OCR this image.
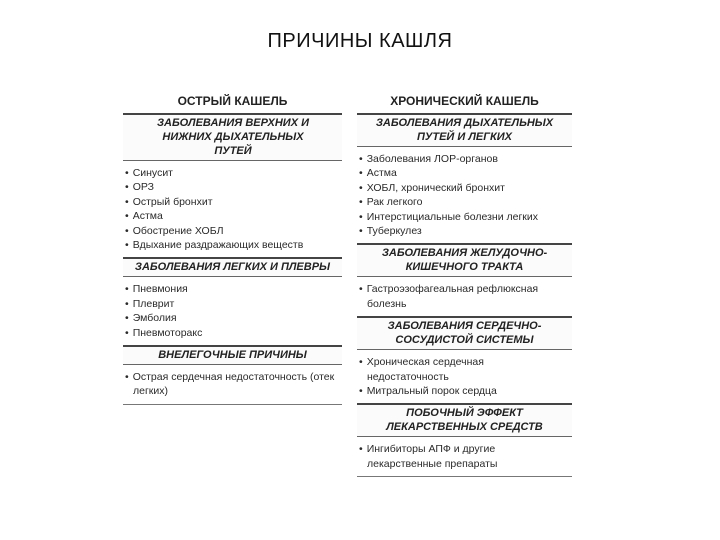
ПРИЧИНЫ КАШЛЯ
ОСТРЫЙ КАШЕЛЬ
ЗАБОЛЕВАНИЯ ВЕРХНИХ И НИЖНИХ ДЫХАТЕЛЬНЫХ ПУТЕЙ
• Синусит
• ОРЗ
• Острый бронхит
• Астма
• Обострение ХОБЛ
• Вдыхание раздражающих веществ
ЗАБОЛЕВАНИЯ ЛЕГКИХ И ПЛЕВРЫ
• Пневмония
• Плеврит
• Эмболия
• Пневмоторакс
ВНЕЛЕГОЧНЫЕ ПРИЧИНЫ
• Острая сердечная недостаточность (отек легких)
ХРОНИЧЕСКИЙ КАШЕЛЬ
ЗАБОЛЕВАНИЯ ДЫХАТЕЛЬНЫХ ПУТЕЙ И ЛЕГКИХ
• Заболевания ЛОР-органов
• Астма
• ХОБЛ, хронический бронхит
• Рак легкого
• Интерстициальные болезни легких
• Туберкулез
ЗАБОЛЕВАНИЯ ЖЕЛУДОЧНО-КИШЕЧНОГО ТРАКТА
• Гастроэзофагеальная рефлюксная болезнь
ЗАБОЛЕВАНИЯ СЕРДЕЧНО-СОСУДИСТОЙ СИСТЕМЫ
• Хроническая сердечная недостаточность
• Митральный порок сердца
ПОБОЧНЫЙ ЭФФЕКТ ЛЕКАРСТВЕННЫХ СРЕДСТВ
• Ингибиторы АПФ и другие лекарственные препараты
